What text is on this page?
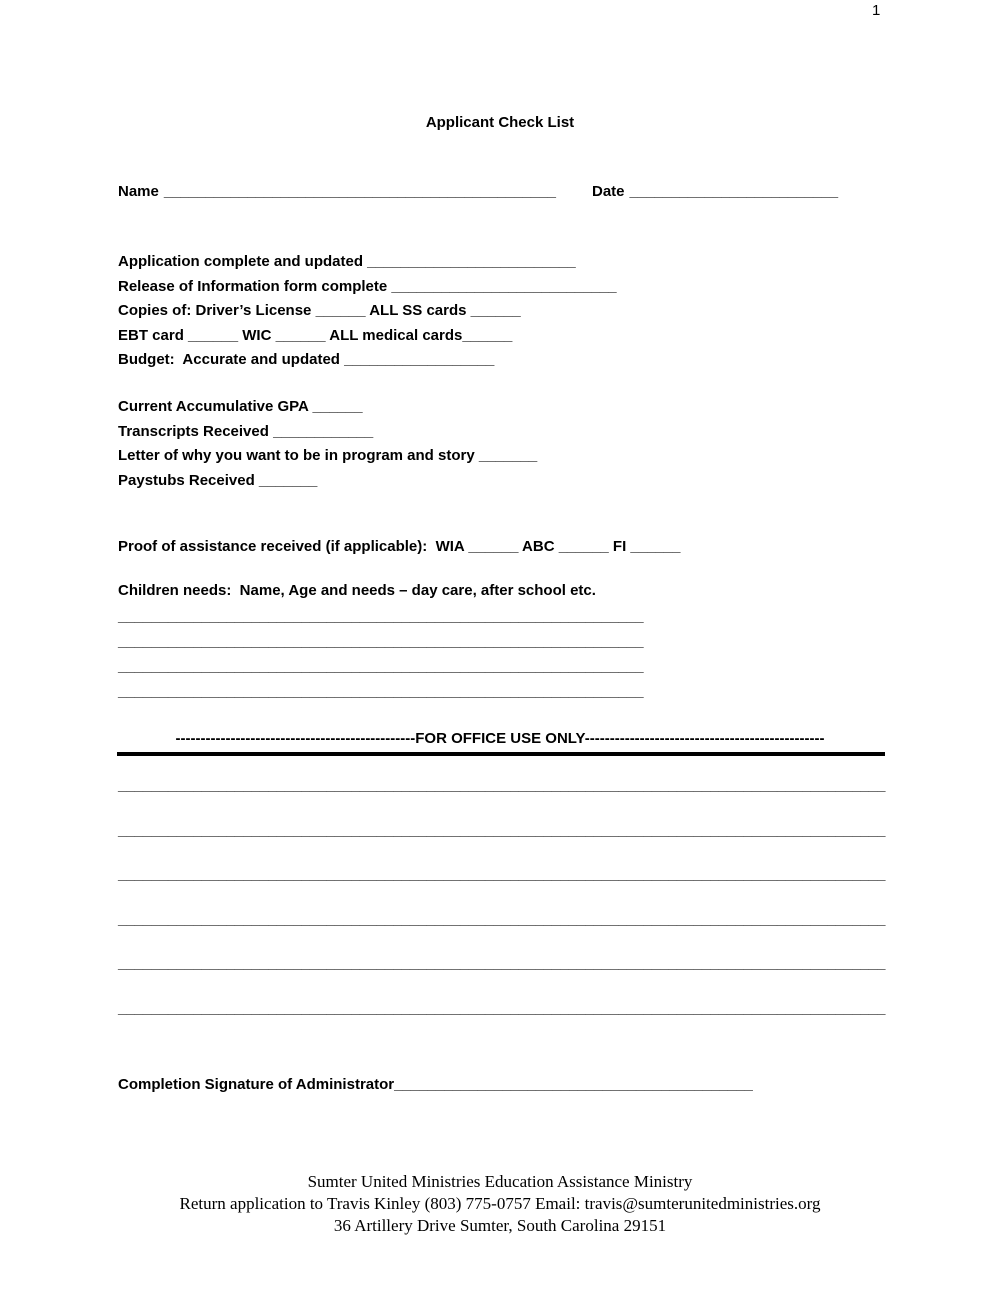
1
Applicant Check List
Name _______________________________________________ Date _________________________
Application complete and updated _________________________
Release of Information form complete ___________________________
Copies of: Driver’s License ______ ALL SS cards ______
EBT card ______ WIC ______ ALL medical cards______
Budget:  Accurate and updated __________________
Current Accumulative GPA ______
Transcripts Received ____________
Letter of why you want to be in program and story _______
Paystubs Received _______
Proof of assistance received (if applicable):  WIA ______ ABC ______ FI ______
Children needs:  Name, Age and needs – day care, after school etc.
_______________________________________________________________
_______________________________________________________________
_______________________________________________________________
_______________________________________________________________
------------------------------------------------FOR OFFICE USE ONLY------------------------------------------------
____________________________________________________________________________________________
____________________________________________________________________________________________
____________________________________________________________________________________________
____________________________________________________________________________________________
____________________________________________________________________________________________
____________________________________________________________________________________________
Completion Signature of Administrator___________________________________________
Sumter United Ministries Education Assistance Ministry
Return application to Travis Kinley (803) 775-0757 Email: travis@sumterunitedministries.org
36 Artillery Drive Sumter, South Carolina 29151
